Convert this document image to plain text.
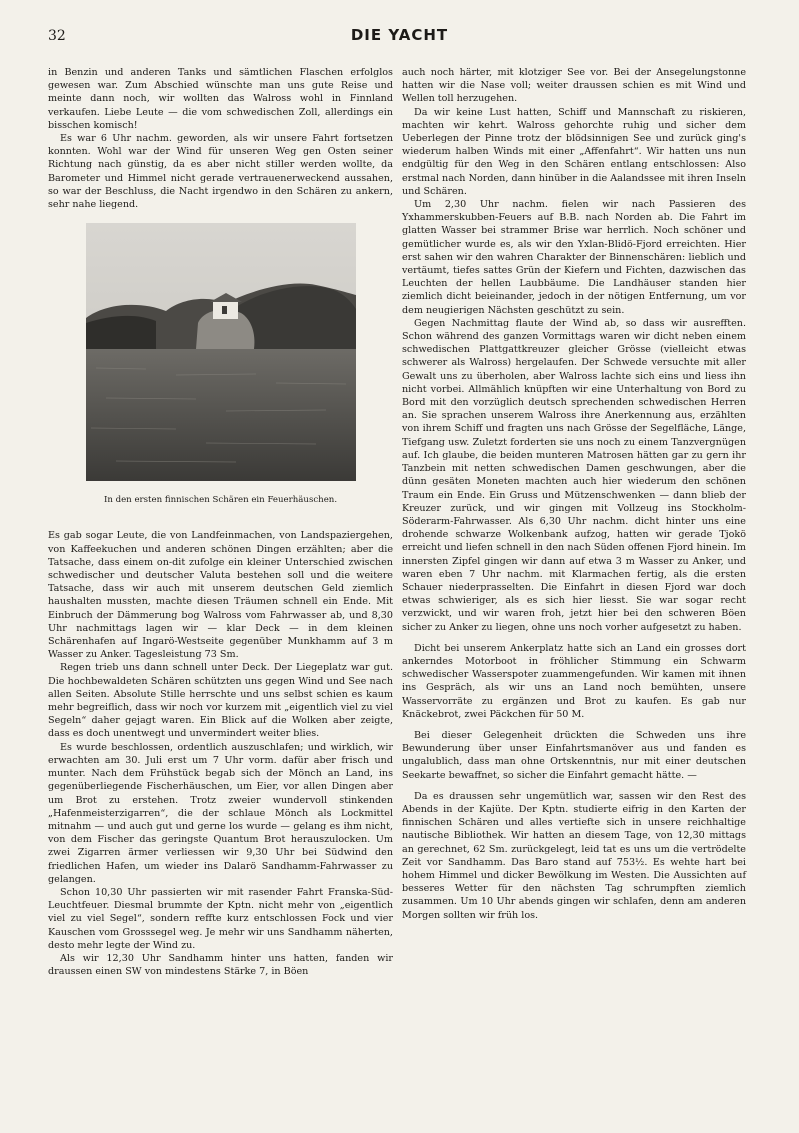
32	DIE YACHT

in Benzin und anderen Tanks und sämtlichen Flaschen erfolglos gewesen war. Zum Abschied wünschte man uns gute Reise und meinte dann noch, wir wollten das Walross wohl in Finnland verkaufen. Liebe Leute — die vom schwedischen Zoll, allerdings ein bisschen komisch!

Es war 6 Uhr nachm. geworden, als wir unsere Fahrt fortsetzen konnten. Wohl war der Wind für unseren Weg gen Osten seiner Richtung nach günstig, da es aber nicht stiller werden wollte, da Barometer und Himmel nicht gerade vertrauenerweckend aussahen, so war der Beschluss, die Nacht irgendwo in den Schären zu ankern, sehr nahe liegend.

In den ersten finnischen Schären ein Feuerhäuschen.

Es gab sogar Leute, die von Landfeinmachen, von Landspaziergehen, von Kaffeekuchen und anderen schönen Dingen erzählten; aber die Tatsache, dass einem on-dit zufolge ein kleiner Unterschied zwischen schwedischer und deutscher Valuta bestehen soll und die weitere Tatsache, dass wir auch mit unserem deutschen Geld ziemlich haushalten mussten, machte diesen Träumen schnell ein Ende. Mit Einbruch der Dämmerung bog Walross vom Fahrwasser ab, und 8,30 Uhr nachmittags lagen wir — klar Deck — in dem kleinen Schärenhafen auf Ingarö-Westseite gegenüber Munkhamm auf 3 m Wasser zu Anker. Tagesleistung 73 Sm.

Regen trieb uns dann schnell unter Deck. Der Liegeplatz war gut. Die hochbewaldeten Schären schützten uns gegen Wind und See nach allen Seiten. Absolute Stille herrschte und uns selbst schien es kaum mehr begreiflich, dass wir noch vor kurzem mit „eigentlich viel zu viel Segeln“ daher gejagt waren. Ein Blick auf die Wolken aber zeigte, dass es doch unentwegt und unvermindert weiter blies.

Es wurde beschlossen, ordentlich auszuschlafen; und wirklich, wir erwachten am 30. Juli erst um 7 Uhr vorm. dafür aber frisch und munter. Nach dem Frühstück begab sich der Mönch an Land, ins gegenüberliegende Fischerhäuschen, um Eier, vor allen Dingen aber um Brot zu erstehen. Trotz zweier wundervoll stinkenden „Hafenmeisterzigarren“, die der schlaue Mönch als Lockmittel mitnahm — und auch gut und gerne los wurde — gelang es ihm nicht, von dem Fischer das geringste Quantum Brot herauszulocken. Um zwei Zigarren ärmer verliessen wir 9,30 Uhr bei Südwind den friedlichen Hafen, um wieder ins Dalarö Sandhamm-Fahrwasser zu gelangen.

Schon 10,30 Uhr passierten wir mit rasender Fahrt Franska-Süd-Leuchtfeuer. Diesmal brummte der Kptn. nicht mehr von „eigentlich viel zu viel Segel“, sondern reffte kurz entschlossen Fock und vier Kauschen vom Grosssegel weg. Je mehr wir uns Sandhamm näherten, desto mehr legte der Wind zu.

Als wir 12,30 Uhr Sandhamm hinter uns hatten, fanden wir draussen einen SW von mindestens Stärke 7, in Böen

auch noch härter, mit klotziger See vor. Bei der Ansegelungstonne hatten wir die Nase voll; weiter draussen schien es mit Wind und Wellen toll herzugehen.

Da wir keine Lust hatten, Schiff und Mannschaft zu riskieren, machten wir kehrt. Walross gehorchte ruhig und sicher dem Ueberlegen der Pinne trotz der blödsinnigen See und zurück ging's wiederum halben Winds mit einer „Affenfahrt“. Wir hatten uns nun endgültig für den Weg in den Schären entlang entschlossen: Also erstmal nach Norden, dann hinüber in die Aalandssee mit ihren Inseln und Schären.

Um 2,30 Uhr nachm. fielen wir nach Passieren des Yxhammerskubben-Feuers auf B.B. nach Norden ab. Die Fahrt im glatten Wasser bei strammer Brise war herrlich. Noch schöner und gemütlicher wurde es, als wir den Yxlan-Blidö-Fjord erreichten. Hier erst sahen wir den wahren Charakter der Binnenschären: lieblich und vertäumt, tiefes sattes Grün der Kiefern und Fichten, dazwischen das Leuchten der hellen Laubbäume. Die Landhäuser standen hier ziemlich dicht beieinander, jedoch in der nötigen Entfernung, um vor dem neugierigen Nächsten geschützt zu sein.

Gegen Nachmittag flaute der Wind ab, so dass wir ausrefften. Schon während des ganzen Vormittags waren wir dicht neben einem schwedischen Plattgattkreuzer gleicher Grösse (vielleicht etwas schwerer als Walross) hergelaufen. Der Schwede versuchte mit aller Gewalt uns zu überholen, aber Walross lachte sich eins und liess ihn nicht vorbei. Allmählich knüpften wir eine Unterhaltung von Bord zu Bord mit den vorzüglich deutsch sprechenden schwedischen Herren an. Sie sprachen unserem Walross ihre Anerkennung aus, erzählten von ihrem Schiff und fragten uns nach Grösse der Segelfläche, Länge, Tiefgang usw. Zuletzt forderten sie uns noch zu einem Tanzvergnügen auf. Ich glaube, die beiden munteren Matrosen hätten gar zu gern ihr Tanzbein mit netten schwedischen Damen geschwungen, aber die dünn gesäten Moneten machten auch hier wiederum den schönen Traum ein Ende. Ein Gruss und Mützenschwenken — dann blieb der Kreuzer zurück, und wir gingen mit Vollzeug ins Stockholm-Söderarm-Fahrwasser. Als 6,30 Uhr nachm. dicht hinter uns eine drohende schwarze Wolkenbank aufzog, hatten wir gerade Tjokö erreicht und liefen schnell in den nach Süden offenen Fjord hinein. Im innersten Zipfel gingen wir dann auf etwa 3 m Wasser zu Anker, und waren eben 7 Uhr nachm. mit Klarmachen fertig, als die ersten Schauer niederprasselten. Die Einfahrt in diesen Fjord war doch etwas schwieriger, als es sich hier liesst. Sie war sogar recht verzwickt, und wir waren froh, jetzt hier bei den schweren Böen sicher zu Anker zu liegen, ohne uns noch vorher aufgesetzt zu haben.

Dicht bei unserem Ankerplatz hatte sich an Land ein grosses dort ankerndes Motorboot in fröhlicher Stimmung ein Schwarm schwedischer Wasserspo​ter zu​ammengefunden. Wir kamen mit ihnen ins Gespräch, als wir uns an Land noch bemühten, unsere Wasservorräte zu ergänzen und Brot zu kaufen. Es gab nur Knäckebrot, zwei Päckchen für 50 M.

Bei dieser Gelegenheit drückten die Schweden uns ihre Bewunderung über unser Einfahrtsmanöver aus und fanden es ungalublich, dass man ohne Ortskenntnis, nur mit einer deutschen Seekarte bewaffnet, so sicher die Einfahrt gemacht hätte. —

Da es draussen sehr ungemütlich war, sassen wir den Rest des Abends in der Kajüte. Der Kptn. studierte eifrig in den Karten der finnischen Schären und alles vertiefte sich in unsere reichhaltige nautische Bibliothek. Wir hatten an diesem Tage, von 12,30 mittags an gerechnet, 62 Sm. zurückgelegt, leid tat es uns um die vertrödelte Zeit vor Sandhamm. Das Baro stand auf 753½. Es wehte hart bei hohem Himmel und dicker Bewölkung im Westen. Die Aussichten auf besseres Wetter für den nächsten Tag schrumpften ziemlich zusammen. Um 10 Uhr abends gingen wir schlafen, denn am anderen Morgen sollten wir früh los.
